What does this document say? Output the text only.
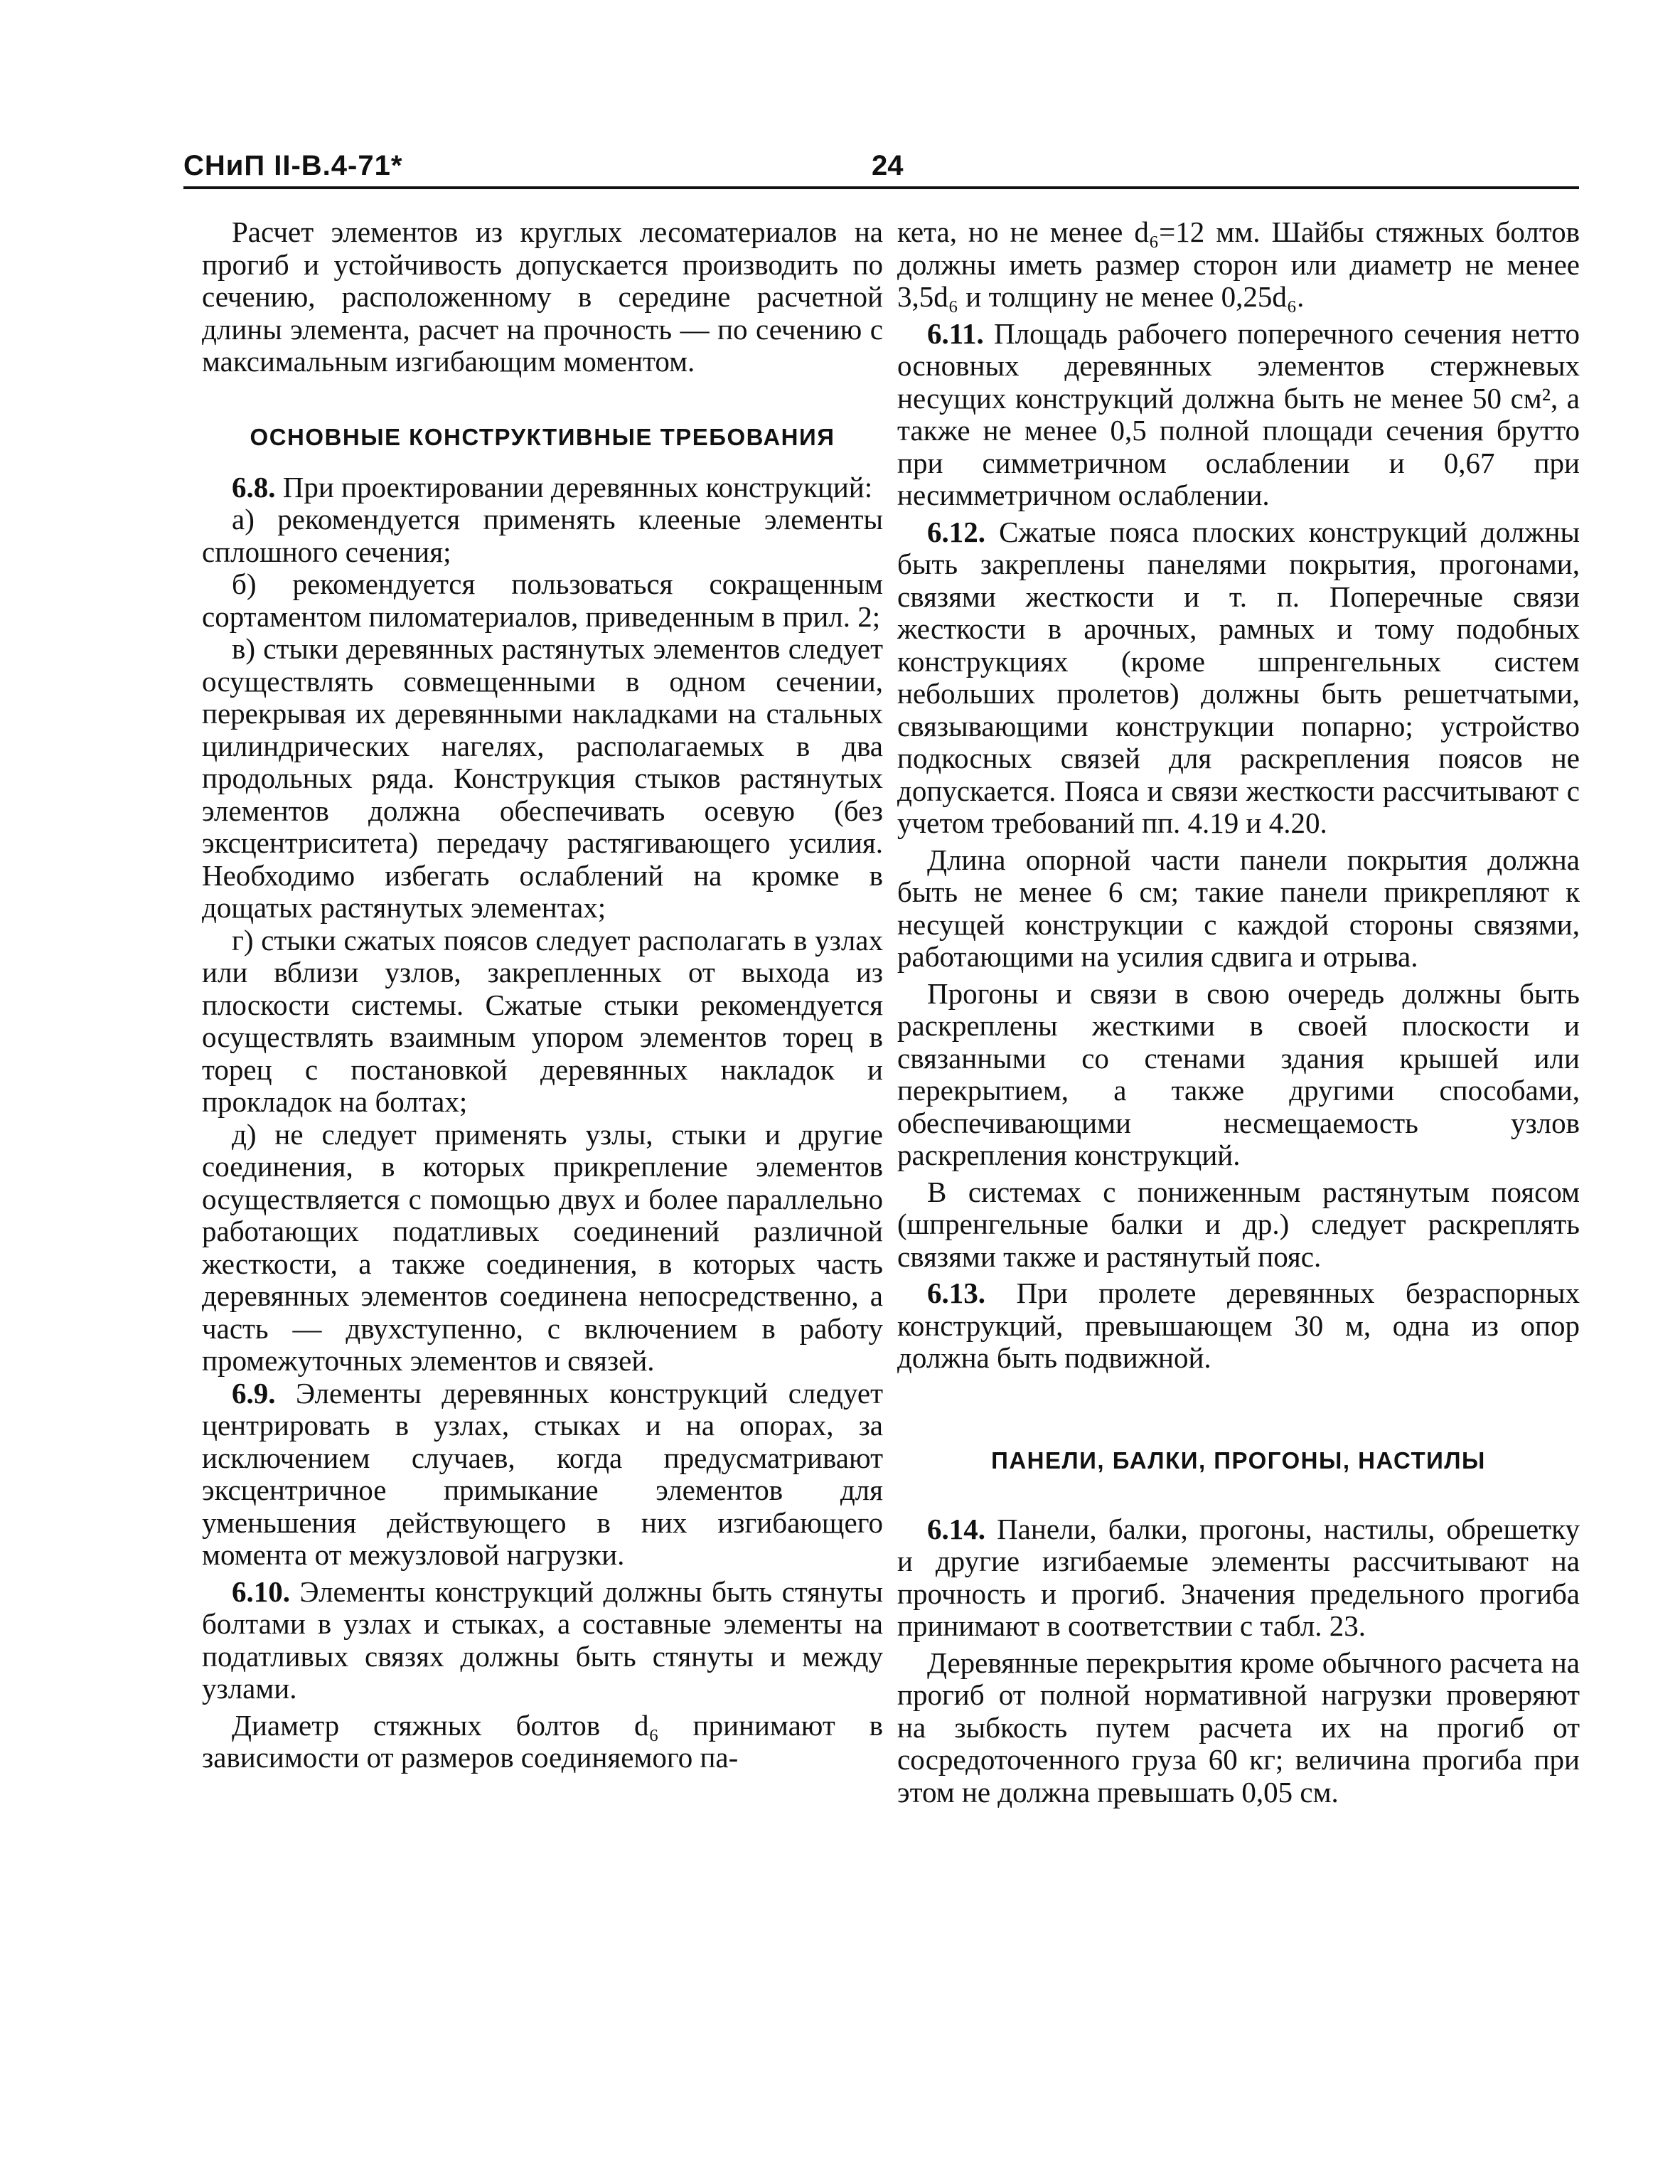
СНиП II-В.4-71*	24

Расчет элементов из круглых лесоматериалов на прогиб и устойчивость допускается производить по сечению, расположенному в середине расчетной длины элемента, расчет на прочность — по сечению с максимальным изгибающим моментом.

ОСНОВНЫЕ КОНСТРУКТИВНЫЕ ТРЕБОВАНИЯ

6.8. При проектировании деревянных конструкций:

а) рекомендуется применять клееные элементы сплошного сечения;

б) рекомендуется пользоваться сокращенным сортаментом пиломатериалов, приведенным в прил. 2;

в) стыки деревянных растянутых элементов следует осуществлять совмещенными в одном сечении, перекрывая их деревянными накладками на стальных цилиндрических нагелях, располагаемых в два продольных ряда. Конструкция стыков растянутых элементов должна обеспечивать осевую (без эксцентриситета) передачу растягивающего усилия. Необходимо избегать ослаблений на кромке в дощатых растянутых элементах;

г) стыки сжатых поясов следует располагать в узлах или вблизи узлов, закрепленных от выхода из плоскости системы. Сжатые стыки рекомендуется осуществлять взаимным упором элементов торец в торец с постановкой деревянных накладок и прокладок на болтах;

д) не следует применять узлы, стыки и другие соединения, в которых прикрепление элементов осуществляется с помощью двух и более параллельно работающих податливых соединений различной жесткости, а также соединения, в которых часть деревянных элементов соединена непосредственно, а часть — двухступенно, с включением в работу промежуточных элементов и связей.

6.9. Элементы деревянных конструкций следует центрировать в узлах, стыках и на опорах, за исключением случаев, когда предусматривают эксцентричное примыкание элементов для уменьшения действующего в них изгибающего момента от межузловой нагрузки.

6.10. Элементы конструкций должны быть стянуты болтами в узлах и стыках, а составные элементы на податливых связях должны быть стянуты и между узлами.

Диаметр стяжных болтов d₆ принимают в зависимости от размеров соединяемого па-

кета, но не менее d₆=12 мм. Шайбы стяжных болтов должны иметь размер сторон или диаметр не менее 3,5d₆ и толщину не менее 0,25d₆.

6.11. Площадь рабочего поперечного сечения нетто основных деревянных элементов стержневых несущих конструкций должна быть не менее 50 см², а также не менее 0,5 полной площади сечения брутто при симметричном ослаблении и 0,67 при несимметричном ослаблении.

6.12. Сжатые пояса плоских конструкций должны быть закреплены панелями покрытия, прогонами, связями жесткости и т. п. Поперечные связи жесткости в арочных, рамных и тому подобных конструкциях (кроме шпренгельных систем небольших пролетов) должны быть решетчатыми, связывающими конструкции попарно; устройство подкосных связей для раскрепления поясов не допускается. Пояса и связи жесткости рассчитывают с учетом требований пп. 4.19 и 4.20.

Длина опорной части панели покрытия должна быть не менее 6 см; такие панели прикрепляют к несущей конструкции с каждой стороны связями, работающими на усилия сдвига и отрыва.

Прогоны и связи в свою очередь должны быть раскреплены жесткими в своей плоскости и связанными со стенами здания крышей или перекрытием, а также другими способами, обеспечивающими несмещаемость узлов раскрепления конструкций.

В системах с пониженным растянутым поясом (шпренгельные балки и др.) следует раскреплять связями также и растянутый пояс.

6.13. При пролете деревянных безраспорных конструкций, превышающем 30 м, одна из опор должна быть подвижной.

ПАНЕЛИ, БАЛКИ, ПРОГОНЫ, НАСТИЛЫ

6.14. Панели, балки, прогоны, настилы, обрешетку и другие изгибаемые элементы рассчитывают на прочность и прогиб. Значения предельного прогиба принимают в соответствии с табл. 23.

Деревянные перекрытия кроме обычного расчета на прогиб от полной нормативной нагрузки проверяют на зыбкость путем расчета их на прогиб от сосредоточенного груза 60 кг; величина прогиба при этом не должна превышать 0,05 см.
